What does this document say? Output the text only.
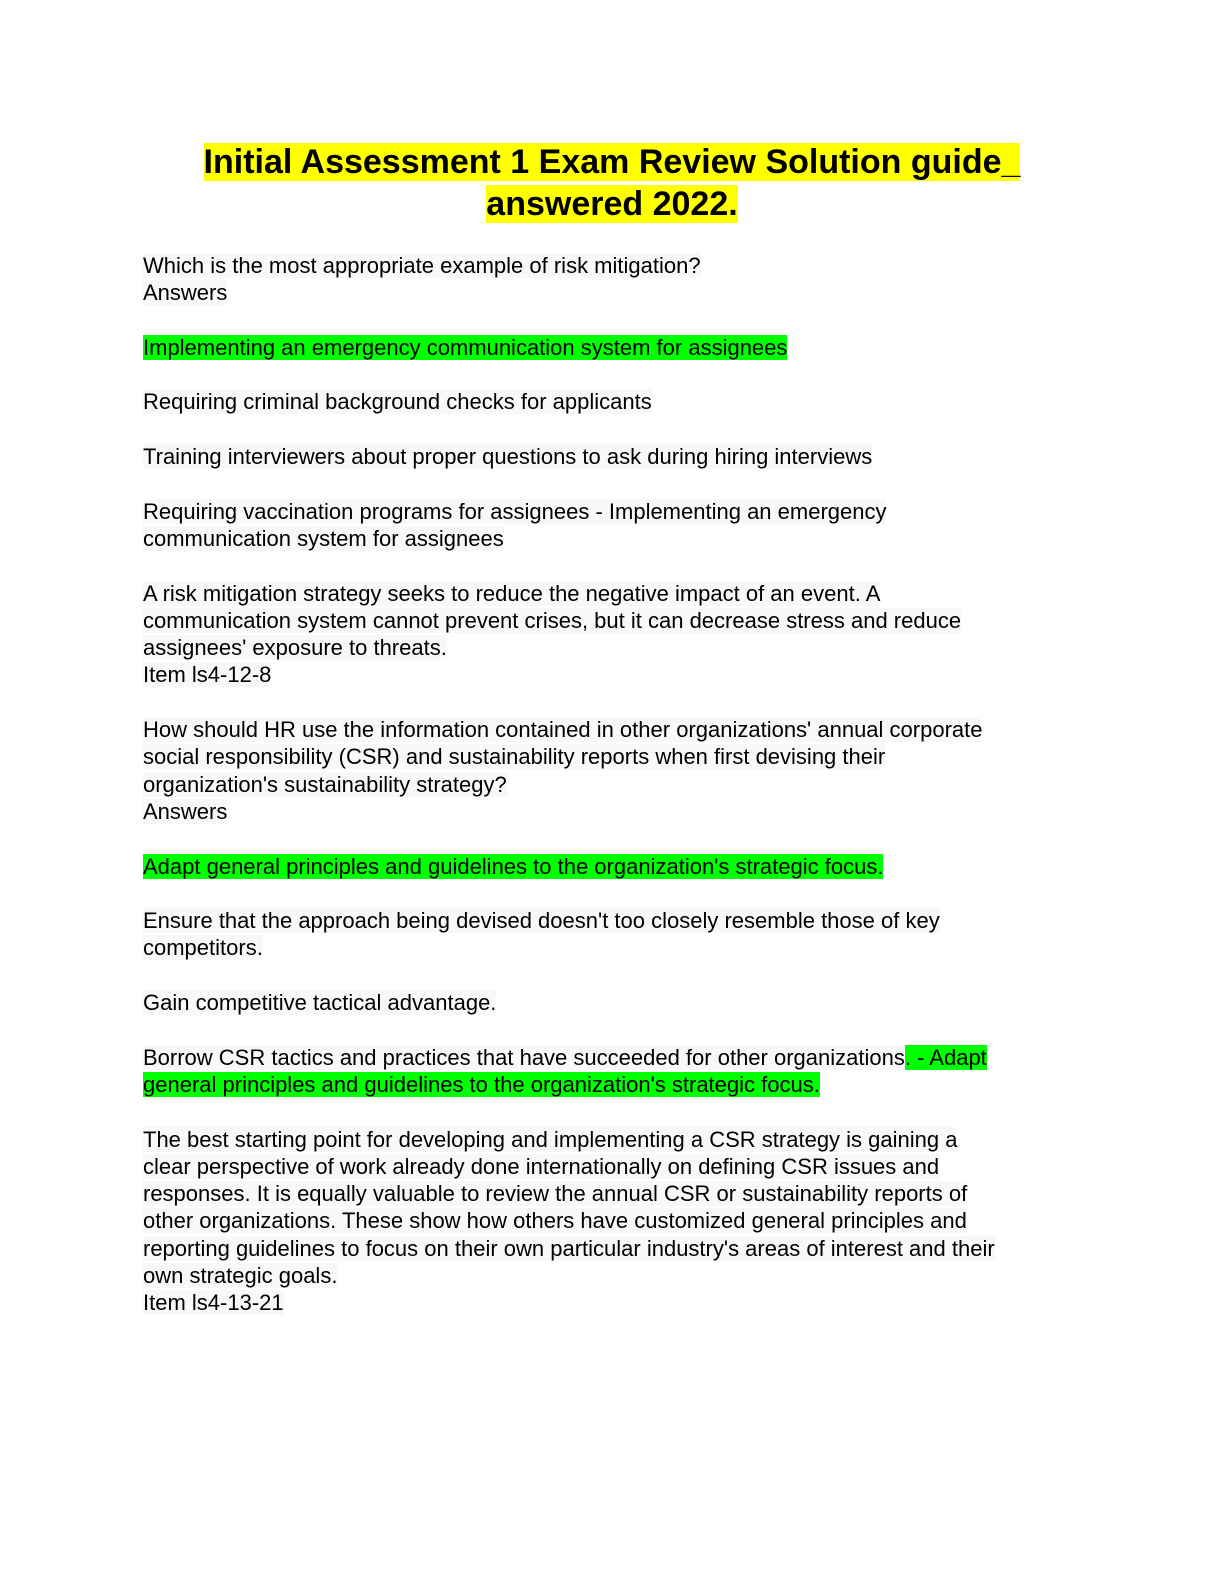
Initial Assessment 1 Exam Review Solution guide_
answered 2022.
Which is the most appropriate example of risk mitigation?
Answers
Implementing an emergency communication system for assignees
Requiring criminal background checks for applicants
Training interviewers about proper questions to ask during hiring interviews
Requiring vaccination programs for assignees - Implementing an emergency
communication system for assignees
A risk mitigation strategy seeks to reduce the negative impact of an event. A
communication system cannot prevent crises, but it can decrease stress and reduce
assignees' exposure to threats.
Item ls4-12-8
How should HR use the information contained in other organizations' annual corporate
social responsibility (CSR) and sustainability reports when first devising their
organization's sustainability strategy?
Answers
Adapt general principles and guidelines to the organization's strategic focus.
Ensure that the approach being devised doesn't too closely resemble those of key
competitors.
Gain competitive tactical advantage.
Borrow CSR tactics and practices that have succeeded for other organizations. - Adapt
general principles and guidelines to the organization's strategic focus.
The best starting point for developing and implementing a CSR strategy is gaining a
clear perspective of work already done internationally on defining CSR issues and
responses. It is equally valuable to review the annual CSR or sustainability reports of
other organizations. These show how others have customized general principles and
reporting guidelines to focus on their own particular industry's areas of interest and their
own strategic goals.
Item ls4-13-21
